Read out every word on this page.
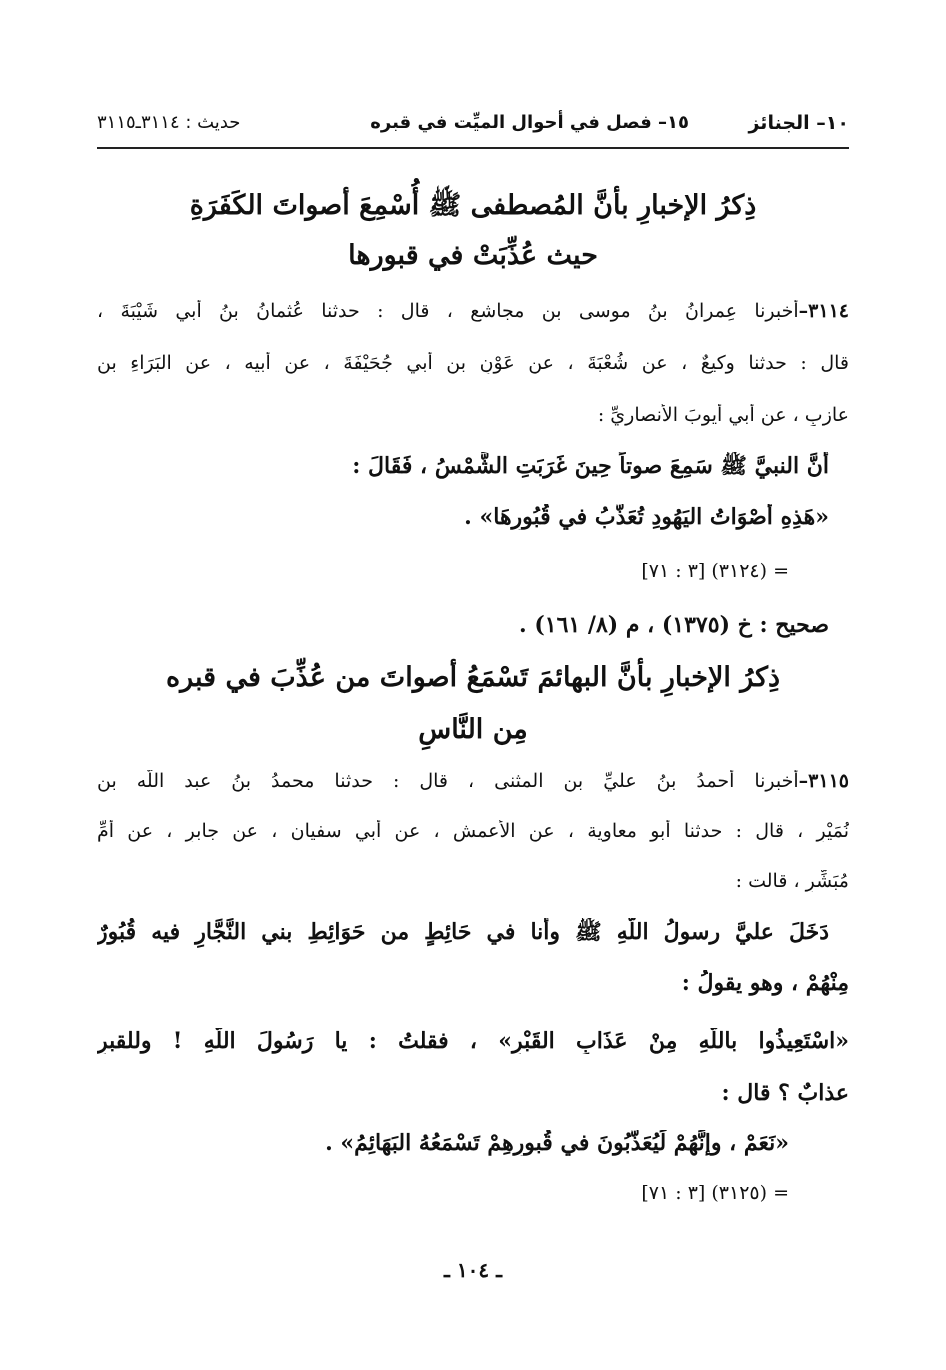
١٠– الجنائز
١٥– فصل في أحوال الميِّت في قبره
حديث : ٣١١٤ـ٣١١٥
ذِكرُ الإخبارِ بأنَّ المُصطفى ﷺ أُسْمِعَ أصواتَ الكَفَرَةِ
حيث عُذِّبَتْ في قبورها
٣١١٤–أخبرنا عِمرانُ بنُ موسى بن مجاشع ، قال : حدثنا عُثمانُ بنُ أبي شَيْبَةَ ،
قال : حدثنا وكيعٌ ، عن شُعْبَةَ ، عن عَوْنِ بن أبي جُحَيْفَةَ ، عن أبيه ، عن البَرَاءِ بن
عازبٍ ، عن أبي أيوبَ الأنصاريِّ :
أنَّ النبيَّ ﷺ سَمِعَ صوتاً حِينَ غَرَبَتِ الشَّمْسُ ، فَقَالَ :
«هَذِهِ أَصْوَاتُ اليَهُودِ تُعَذَّبُ في قُبُورِهَا» .
= (٣١٢٤) [٣ : ٧١]
صحيح : خ (١٣٧٥) ، م (٨/ ١٦١) .
ذِكرُ الإخبارِ بأنَّ البهائمَ تَسْمَعُ أصواتَ من عُذِّبَ في قبره
مِن النَّاسِ
٣١١٥–أخبرنا أحمدُ بنُ عليِّ بن المثنى ، قال : حدثنا محمدُ بنُ عبد اللّه بن
نُمَيْرٍ ، قال : حدثنا أبو معاوية ، عن الأعمش ، عن أبي سفيان ، عن جابرٍ ، عن أُمِّ
مُبَشِّرٍ ، قالت :
دَخَلَ عليَّ رسولُ اللّهِ ﷺ وأنا في حَائِطٍ من حَوَائِطِ بني النَّجَّارِ فيه قُبُورٌ
مِنْهُمْ ، وهو يقولُ :
«اسْتَعِيذُوا باللّهِ مِنْ عَذَابِ القَبْرِ» ، فقلتُ : يا رَسُولَ اللّهِ ! وللقبرِ
عذابٌ ؟ قال :
«نَعَمْ ، وإنَّهُمْ لَيُعَذَّبُونَ في قُبورِهِمْ تَسْمَعُهُ البَهَائِمُ» .
= (٣١٢٥) [٣ : ٧١]
ـ ١٠٤ ـ
